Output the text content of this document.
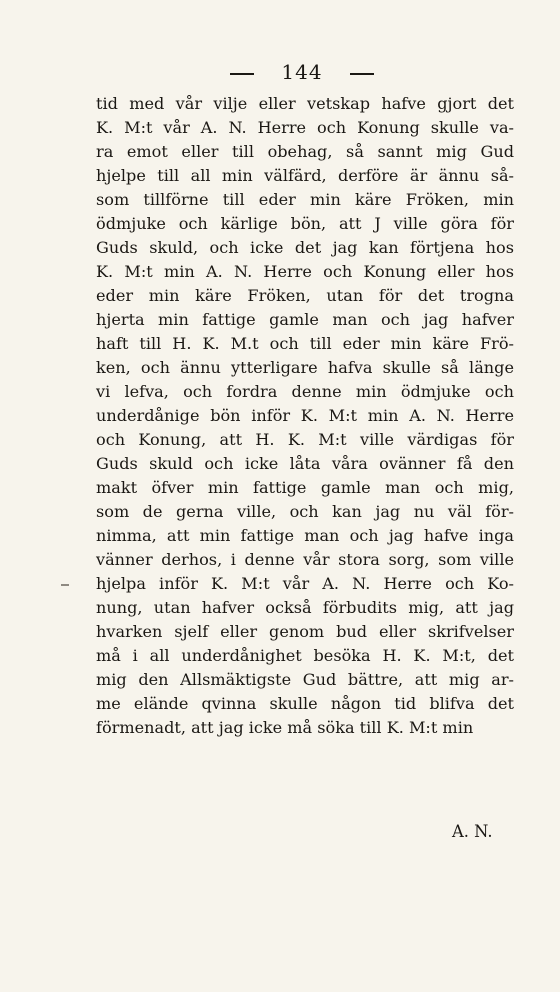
144
tid med vår vilje eller vetskap hafve gjort det
K. M:t vår A. N. Herre och Konung skulle va-
ra emot eller till obehag, så sannt mig Gud
hjelpe till all min välfärd, derföre är ännu så-
som tillförne till eder min käre Fröken, min
ödmjuke och kärlige bön, att J ville göra för
Guds skuld, och icke det jag kan förtjena hos
K. M:t min A. N. Herre och Konung eller hos
eder min käre Fröken, utan för det trogna
hjerta min fattige gamle man och jag hafver
haft till H. K. M.t och till eder min käre Frö-
ken, och ännu ytterligare hafva skulle så länge
vi lefva, och fordra denne min ödmjuke och
underdånige bön inför K. M:t min A. N. Herre
och Konung, att H. K. M:t ville värdigas för
Guds skuld och icke låta våra ovänner få den
makt öfver min fattige gamle man och mig,
som de gerna ville, och kan jag nu väl för-
nimma, att min fattige man och jag hafve inga
vänner derhos, i denne vår stora sorg, som ville
hjelpa inför K. M:t vår A. N. Herre och Ko-
nung, utan hafver också förbudits mig, att jag
hvarken sjelf eller genom bud eller skrifvelser
må i all underdånighet besöka H. K. M:t, det
mig den Allsmäktigste Gud bättre, att mig ar-
me elände qvinna skulle någon tid blifva det
förmenadt, att jag icke må söka till K. M:t min
A. N.
